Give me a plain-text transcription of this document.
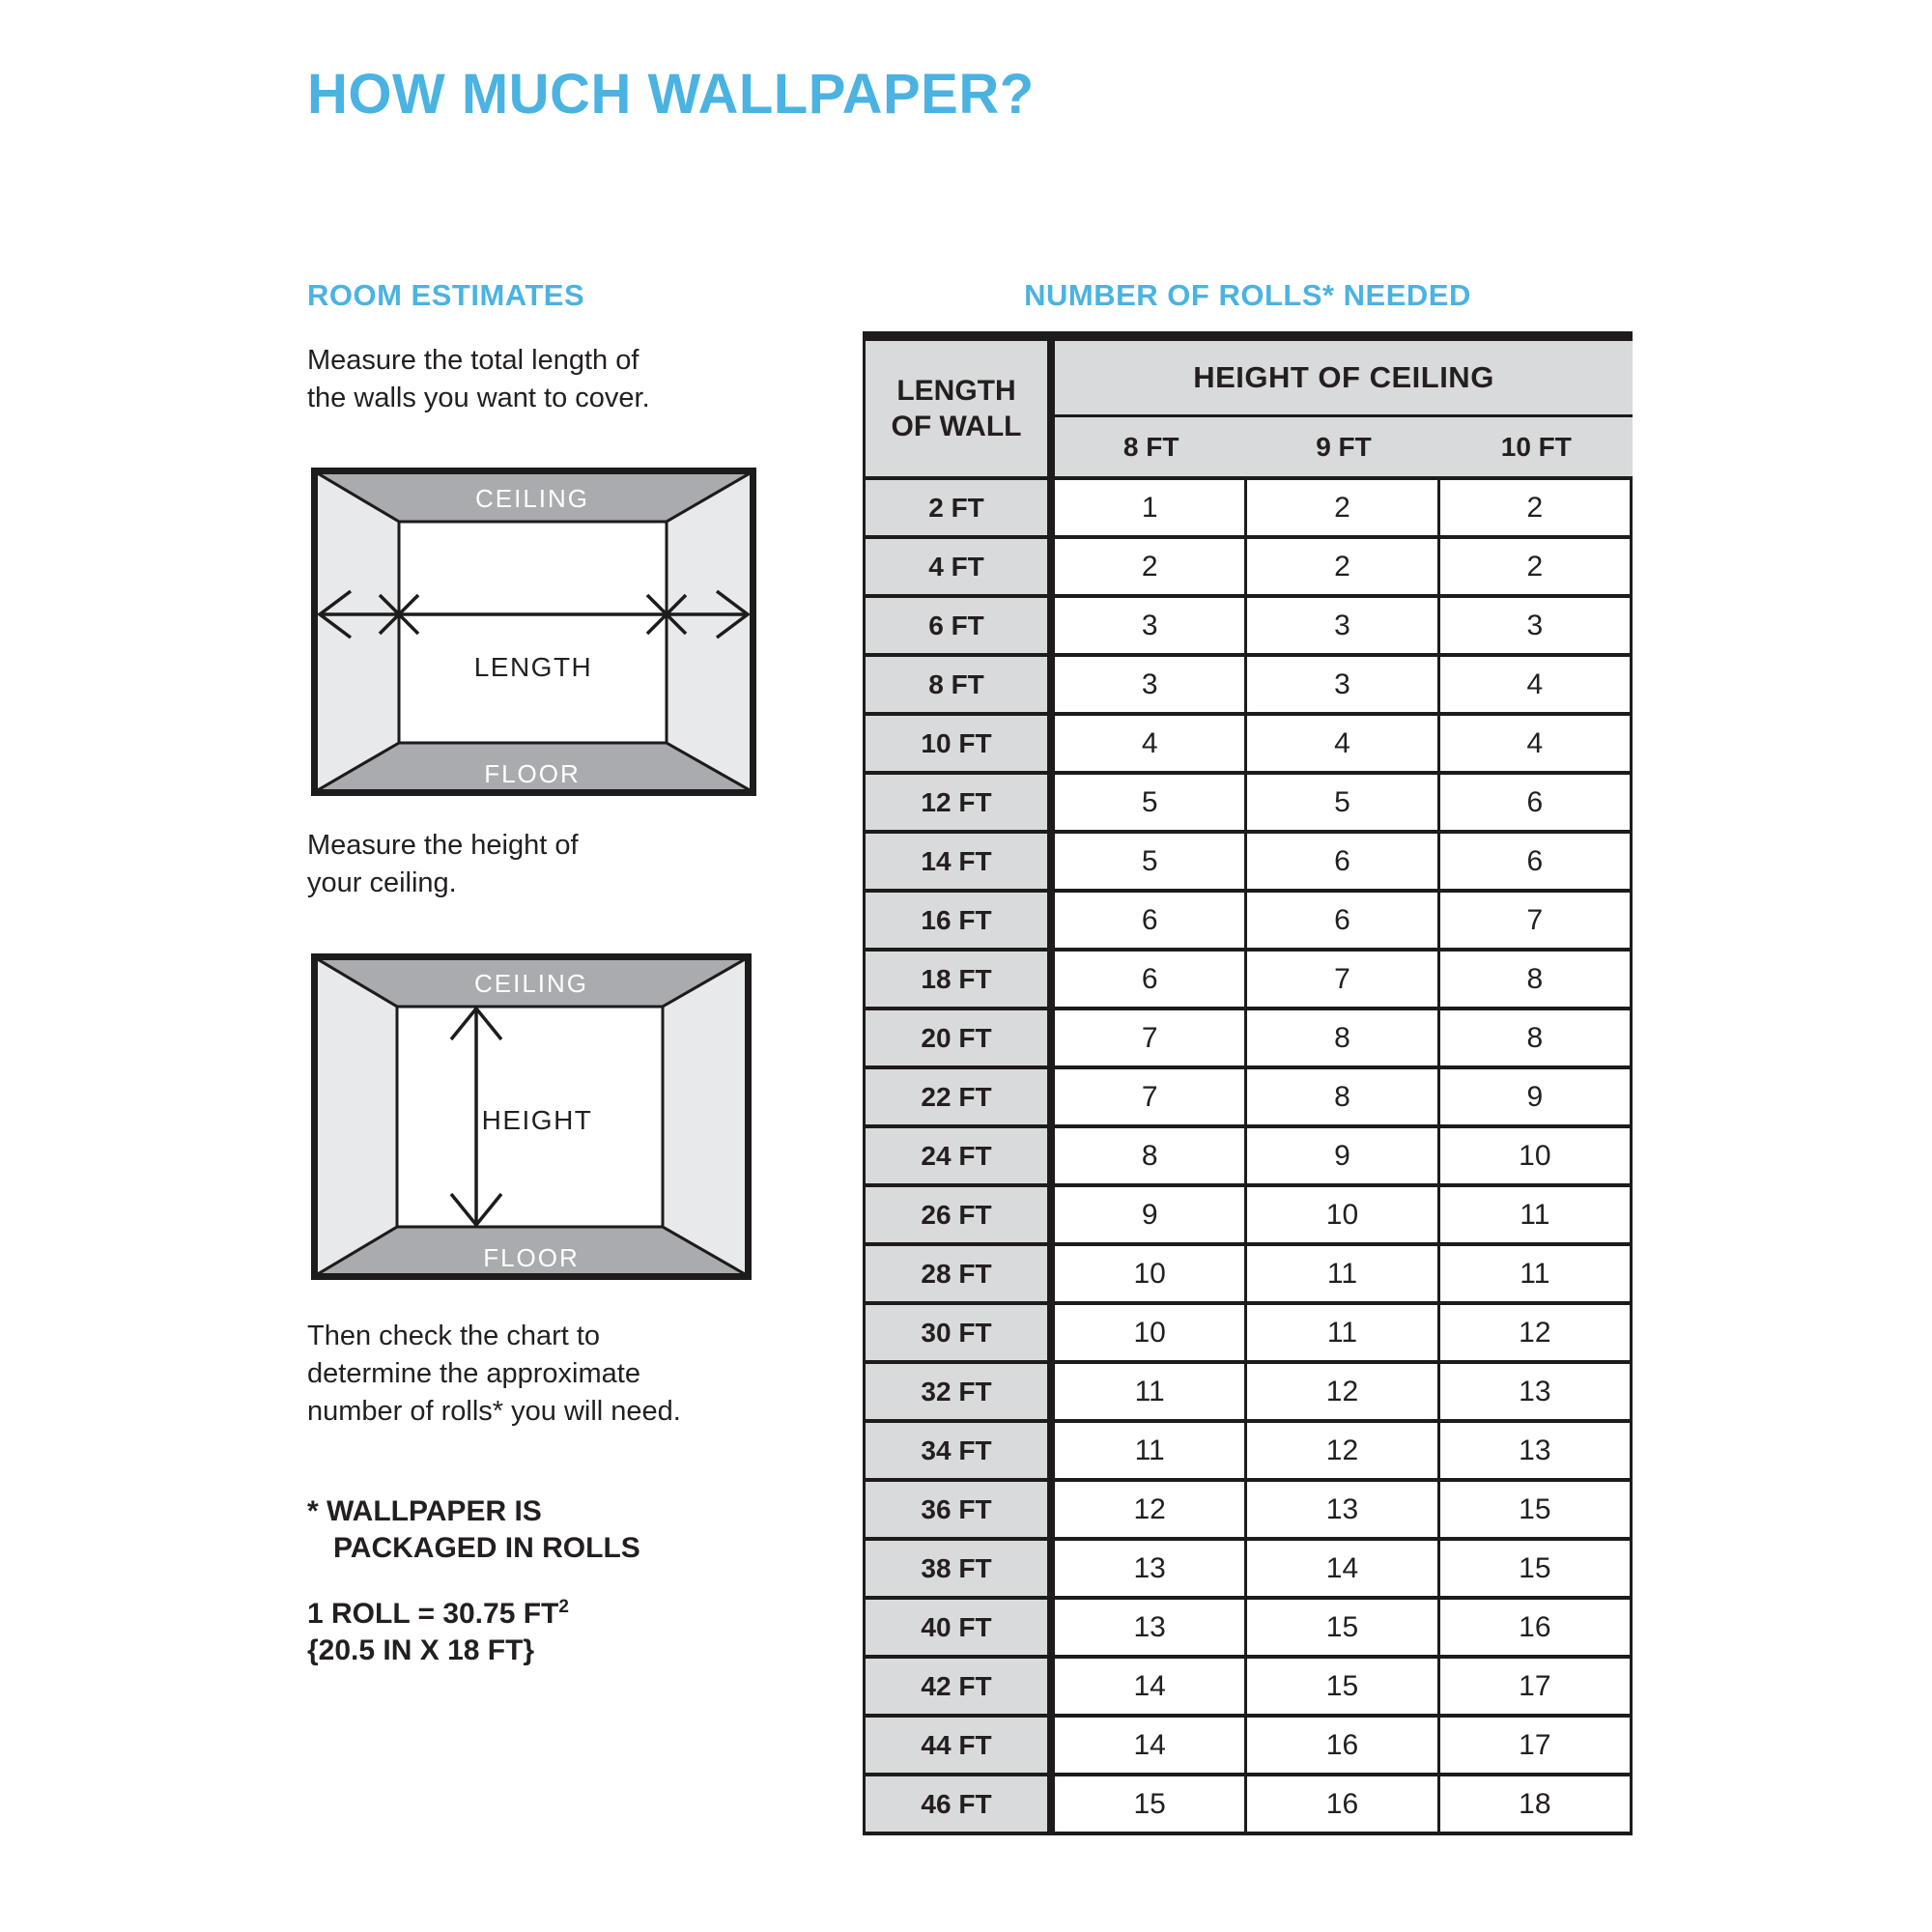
HOW MUCH WALLPAPER?
ROOM ESTIMATES
Measure the total length of
the walls you want to cover.
CEILING
LENGTH
FLOOR
Measure the height of
your ceiling.
CEILING
HEIGHT
FLOOR
Then check the chart to
determine the approximate
number of rolls* you will need.
* WALLPAPER IS
PACKAGED IN ROLLS
1 ROLL = 30.75 $FT^2$
{20.5 IN X 18 FT}
NUMBER OF ROLLS* NEEDED
LENGTH
OF WALL	HEIGHT OF CEILING		
	8 FT	9 FT	10 FT
2 FT	1	2	2
4 FT	2	2	2
6 FT	3	3	3
8 FT	3	3	4
10 FT	4	4	4
12 FT	5	5	6
14 FT	5	6	6
16 FT	6	6	7
18 FT	6	7	8
20 FT	7	8	8
22 FT	7	8	9
24 FT	8	9	10
26 FT	9	10	11
28 FT	10	11	11
30 FT	10	11	12
32 FT	11	12	13
34 FT	11	12	13
36 FT	12	13	15
38 FT	13	14	15
40 FT	13	15	16
42 FT	14	15	17
44 FT	14	16	17
46 FT	15	16	18
